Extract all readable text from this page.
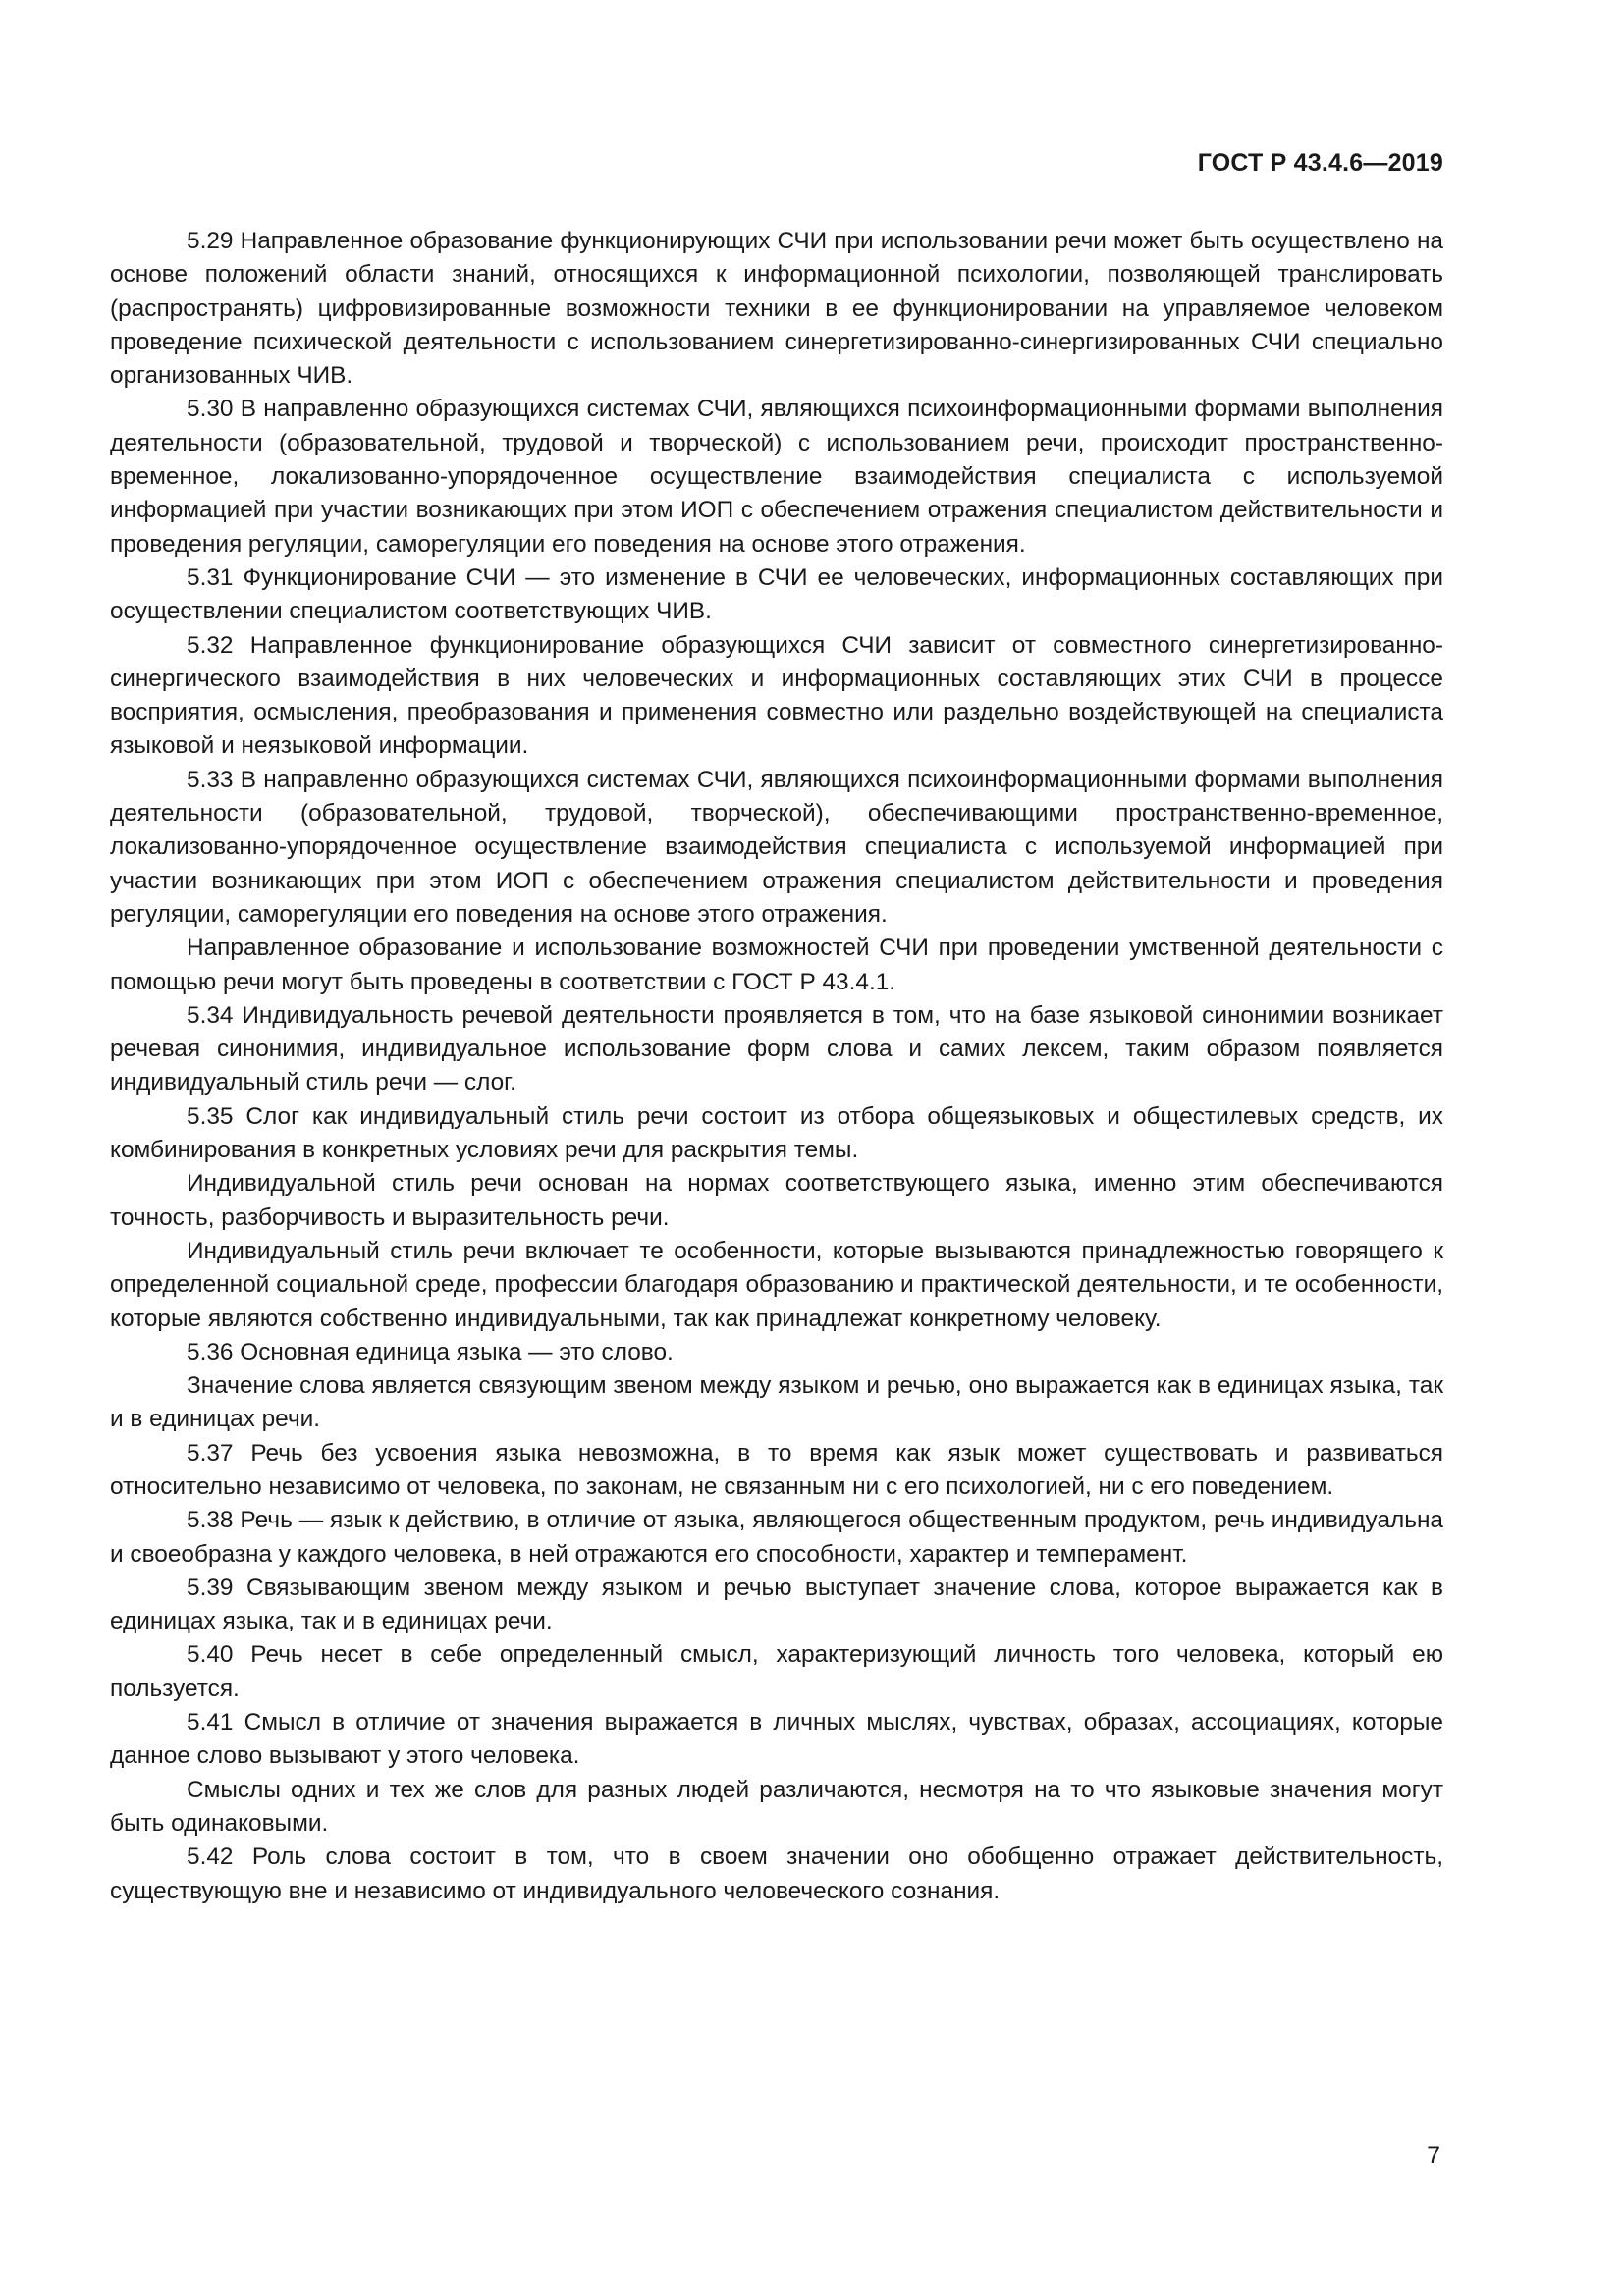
ГОСТ Р 43.4.6—2019

5.29 Направленное образование функционирующих СЧИ при использовании речи может быть осуществлено на основе положений области знаний, относящихся к информационной психологии, позволяющей транслировать (распространять) цифровизированные возможности техники в ее функционировании на управляемое человеком проведение психической деятельности с использованием синергетизированно-синергизированных СЧИ специально организованных ЧИВ.

5.30 В направленно образующихся системах СЧИ, являющихся психоинформационными формами выполнения деятельности (образовательной, трудовой и творческой) с использованием речи, происходит пространственно-временное, локализованно-упорядоченное осуществление взаимодействия специалиста с используемой информацией при участии возникающих при этом ИОП с обеспечением отражения специалистом действительности и проведения регуляции, саморегуляции его поведения на основе этого отражения.

5.31 Функционирование СЧИ — это изменение в СЧИ ее человеческих, информационных составляющих при осуществлении специалистом соответствующих ЧИВ.

5.32 Направленное функционирование образующихся СЧИ зависит от совместного синергетизированно-синергического взаимодействия в них человеческих и информационных составляющих этих СЧИ в процессе восприятия, осмысления, преобразования и применения совместно или раздельно воздействующей на специалиста языковой и неязыковой информации.

5.33 В направленно образующихся системах СЧИ, являющихся психоинформационными формами выполнения деятельности (образовательной, трудовой, творческой), обеспечивающими пространственно-временное, локализованно-упорядоченное осуществление взаимодействия специалиста с используемой информацией при участии возникающих при этом ИОП с обеспечением отражения специалистом действительности и проведения регуляции, саморегуляции его поведения на основе этого отражения.

Направленное образование и использование возможностей СЧИ при проведении умственной деятельности с помощью речи могут быть проведены в соответствии с ГОСТ Р 43.4.1.

5.34 Индивидуальность речевой деятельности проявляется в том, что на базе языковой синонимии возникает речевая синонимия, индивидуальное использование форм слова и самих лексем, таким образом появляется индивидуальный стиль речи — слог.

5.35 Слог как индивидуальный стиль речи состоит из отбора общеязыковых и общестилевых средств, их комбинирования в конкретных условиях речи для раскрытия темы.

Индивидуальной стиль речи основан на нормах соответствующего языка, именно этим обеспечиваются точность, разборчивость и выразительность речи.

Индивидуальный стиль речи включает те особенности, которые вызываются принадлежностью говорящего к определенной социальной среде, профессии благодаря образованию и практической деятельности, и те особенности, которые являются собственно индивидуальными, так как принадлежат конкретному человеку.

5.36 Основная единица языка — это слово.

Значение слова является связующим звеном между языком и речью, оно выражается как в единицах языка, так и в единицах речи.

5.37 Речь без усвоения языка невозможна, в то время как язык может существовать и развиваться относительно независимо от человека, по законам, не связанным ни с его психологией, ни с его поведением.

5.38 Речь — язык к действию, в отличие от языка, являющегося общественным продуктом, речь индивидуальна и своеобразна у каждого человека, в ней отражаются его способности, характер и темперамент.

5.39 Связывающим звеном между языком и речью выступает значение слова, которое выражается как в единицах языка, так и в единицах речи.

5.40 Речь несет в себе определенный смысл, характеризующий личность того человека, который ею пользуется.

5.41 Смысл в отличие от значения выражается в личных мыслях, чувствах, образах, ассоциациях, которые данное слово вызывают у этого человека.

Смыслы одних и тех же слов для разных людей различаются, несмотря на то что языковые значения могут быть одинаковыми.

5.42 Роль слова состоит в том, что в своем значении оно обобщенно отражает действительность, существующую вне и независимо от индивидуального человеческого сознания.

7
